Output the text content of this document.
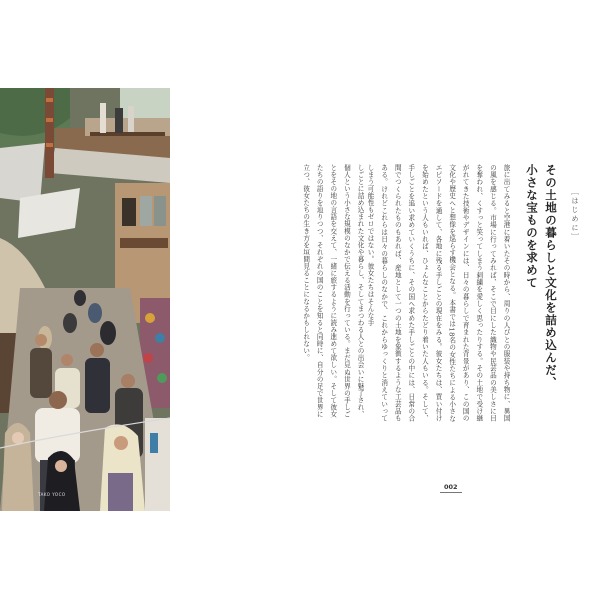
TAKO YOCO
［はじめに］
その土地の暮らしと文化を詰め込んだ、
小さな宝ものを求めて
旅に出てみると空港に着いたその時から、周りの人びとの服装や持ち物に、異国の風を感じる。市場に行ってみれば、そこで目にした織物や民芸品の美しさに目を奪われ、くすっと笑ってしまう刺繍を愛しく思ったりする。その土地で受け継がれてきた技術やデザインには、日々の暮らしで育まれた背景があり、この国の文化や歴史へと想像を巡らす機会となる。本書では18名の女性たちによる小さなエピソードを通して、各地に残る手しごとの現在をみる。彼女たちは、買い付けを始めたという人もいれば、ひょんなことからたどり着いた人もいる。そして、手しごとを追い求めていくうちに、その国へ求めた手しごとの中には、日常の合間でつくられたものもあれば、産地として一つの土地を象徴するような工芸品もある。けれどこれらは日々の暮らしのなかで、これからゆっくりと消えていってしまう可能性もゼロではない。彼女たちはそんな手
しごとに詰め込まれた文化や暮らし、そしてまつわる人との出会いに魅了され、個人という小さな規模のなかで伝える活動を行っている。まだ見ぬ世界の手しごとをその地の言語を交えて、一緒に旅するように読み進めて欲しい。そして彼女たちの語りを辿りつつ、それぞれの国のことを知ると同時に、自分の足で世界に立つ、彼女たちの生き方を垣間見ることになるかもしれない。
002
